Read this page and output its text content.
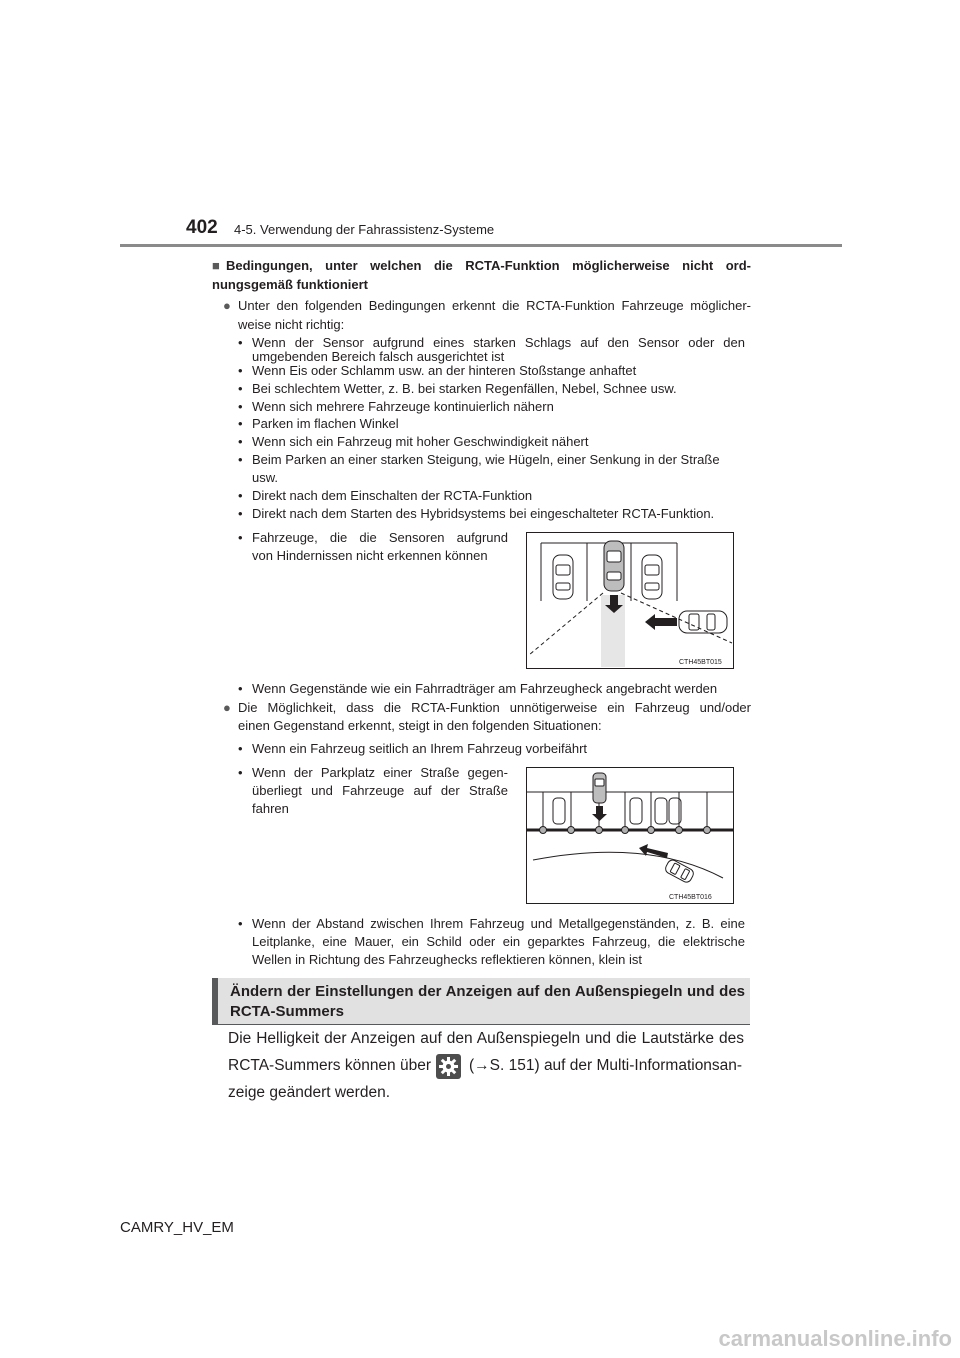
402 4-5. Verwendung der Fahrassistenz-Systeme
■ Bedingungen, unter welchen die RCTA-Funktion möglicherweise nicht ord-
nungsgemäß funktioniert
● Unter den folgenden Bedingungen erkennt die RCTA-Funktion Fahrzeuge möglicher-
weise nicht richtig:
• Wenn der Sensor aufgrund eines starken Schlags auf den Sensor oder den
umgebenden Bereich falsch ausgerichtet ist
• Wenn Eis oder Schlamm usw. an der hinteren Stoßstange anhaftet
• Bei schlechtem Wetter, z. B. bei starken Regenfällen, Nebel, Schnee usw.
• Wenn sich mehrere Fahrzeuge kontinuierlich nähern
• Parken im flachen Winkel
• Wenn sich ein Fahrzeug mit hoher Geschwindigkeit nähert
• Beim Parken an einer starken Steigung, wie Hügeln, einer Senkung in der Straße
usw.
• Direkt nach dem Einschalten der RCTA-Funktion
• Direkt nach dem Starten des Hybridsystems bei eingeschalteter RCTA-Funktion.
• Fahrzeuge, die die Sensoren aufgrund
von Hindernissen nicht erkennen können
CTH45BT015
• Wenn Gegenstände wie ein Fahrradträger am Fahrzeugheck angebracht werden
● Die Möglichkeit, dass die RCTA-Funktion unnötigerweise ein Fahrzeug und/oder
einen Gegenstand erkennt, steigt in den folgenden Situationen:
• Wenn ein Fahrzeug seitlich an Ihrem Fahrzeug vorbeifährt
• Wenn der Parkplatz einer Straße gegen-
überliegt und Fahrzeuge auf der Straße
fahren
CTH45BT016
• Wenn der Abstand zwischen Ihrem Fahrzeug und Metallgegenständen, z. B. eine
Leitplanke, eine Mauer, ein Schild oder ein geparktes Fahrzeug, die elektrische
Wellen in Richtung des Fahrzeughecks reflektieren können, klein ist
Ändern der Einstellungen der Anzeigen auf den Außenspiegeln und des
RCTA-Summers
Die Helligkeit der Anzeigen auf den Außenspiegeln und die Lautstärke des
RCTA-Summers können über (→S. 151) auf der Multi-Informationsan-
zeige geändert werden.
CAMRY_HV_EM
carmanualsonline.info
